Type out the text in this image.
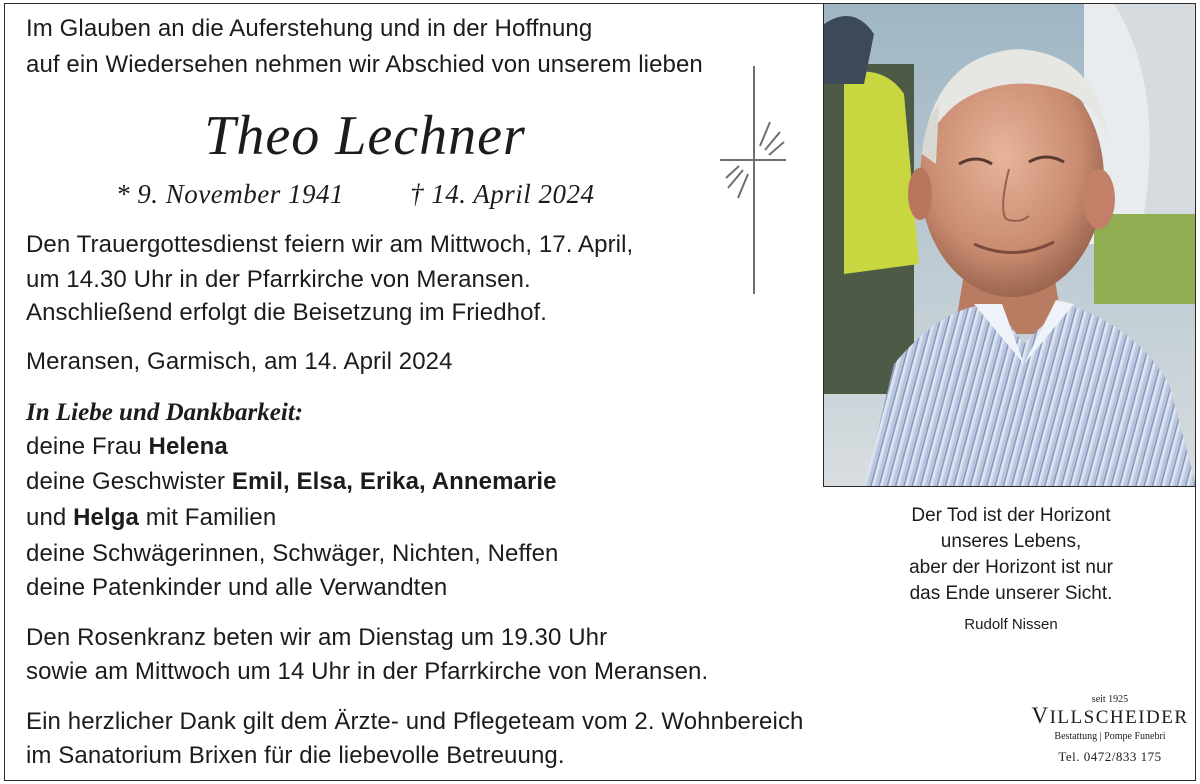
Im Glauben an die Auferstehung und in der Hoffnung
auf ein Wiedersehen nehmen wir Abschied von unserem lieben
Theo Lechner
* 9. November 1941 † 14. April 2024
Den Trauergottesdienst feiern wir am Mittwoch, 17. April,
um 14.30 Uhr in der Pfarrkirche von Meransen.
Anschließend erfolgt die Beisetzung im Friedhof.
Meransen, Garmisch, am 14. April 2024
In Liebe und Dankbarkeit:
deine Frau Helena
deine Geschwister Emil, Elsa, Erika, Annemarie
und Helga mit Familien
deine Schwägerinnen, Schwäger, Nichten, Neffen
deine Patenkinder und alle Verwandten
Den Rosenkranz beten wir am Dienstag um 19.30 Uhr
sowie am Mittwoch um 14 Uhr in der Pfarrkirche von Meransen.
Ein herzlicher Dank gilt dem Ärzte- und Pflegeteam vom 2. Wohnbereich
im Sanatorium Brixen für die liebevolle Betreuung.
Der Tod ist der Horizont
unseres Lebens,
aber der Horizont ist nur
das Ende unserer Sicht.
Rudolf Nissen
seit 1925
VILLSCHEIDER
Bestattung | Pompe Funebri
Tel. 0472/833 175
